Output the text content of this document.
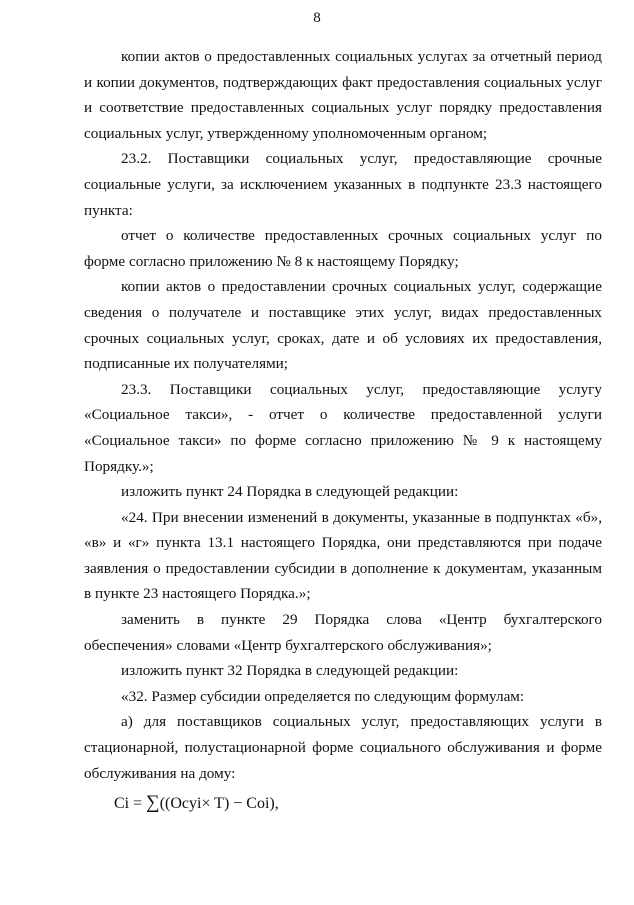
8

копии актов о предоставленных социальных услугах за отчетный период и копии документов, подтверждающих факт предоставления социальных услуг и соответствие предоставленных социальных услуг порядку предоставления социальных услуг, утвержденному уполномоченным органом;

23.2. Поставщики социальных услуг, предоставляющие срочные социальные услуги, за исключением указанных в подпункте 23.3 настоящего пункта:

отчет о количестве предоставленных срочных социальных услуг по форме согласно приложению № 8 к настоящему Порядку;

копии актов о предоставлении срочных социальных услуг, содержащие сведения о получателе и поставщике этих услуг, видах предоставленных срочных социальных услуг, сроках, дате и об условиях их предоставления, подписанные их получателями;

23.3. Поставщики социальных услуг, предоставляющие услугу «Социальное такси», - отчет о количестве предоставленной услуги «Социальное такси» по форме согласно приложению № 9 к настоящему Порядку.»;

изложить пункт 24 Порядка в следующей редакции:

«24. При внесении изменений в документы, указанные в подпунктах «б», «в» и «г» пункта 13.1 настоящего Порядка, они представляются при подаче заявления о предоставлении субсидии в дополнение к документам, указанным в пункте 23 настоящего Порядка.»;

заменить в пункте 29 Порядка слова «Центр бухгалтерского обеспечения» словами «Центр бухгалтерского обслуживания»;

изложить пункт 32 Порядка в следующей редакции:

«32. Размер субсидии определяется по следующим формулам:

а) для поставщиков социальных услуг, предоставляющих услуги в стационарной, полустационарной форме социального обслуживания и форме обслуживания на дому:

Ci = ∑((Оcyi× T) − Coi),
